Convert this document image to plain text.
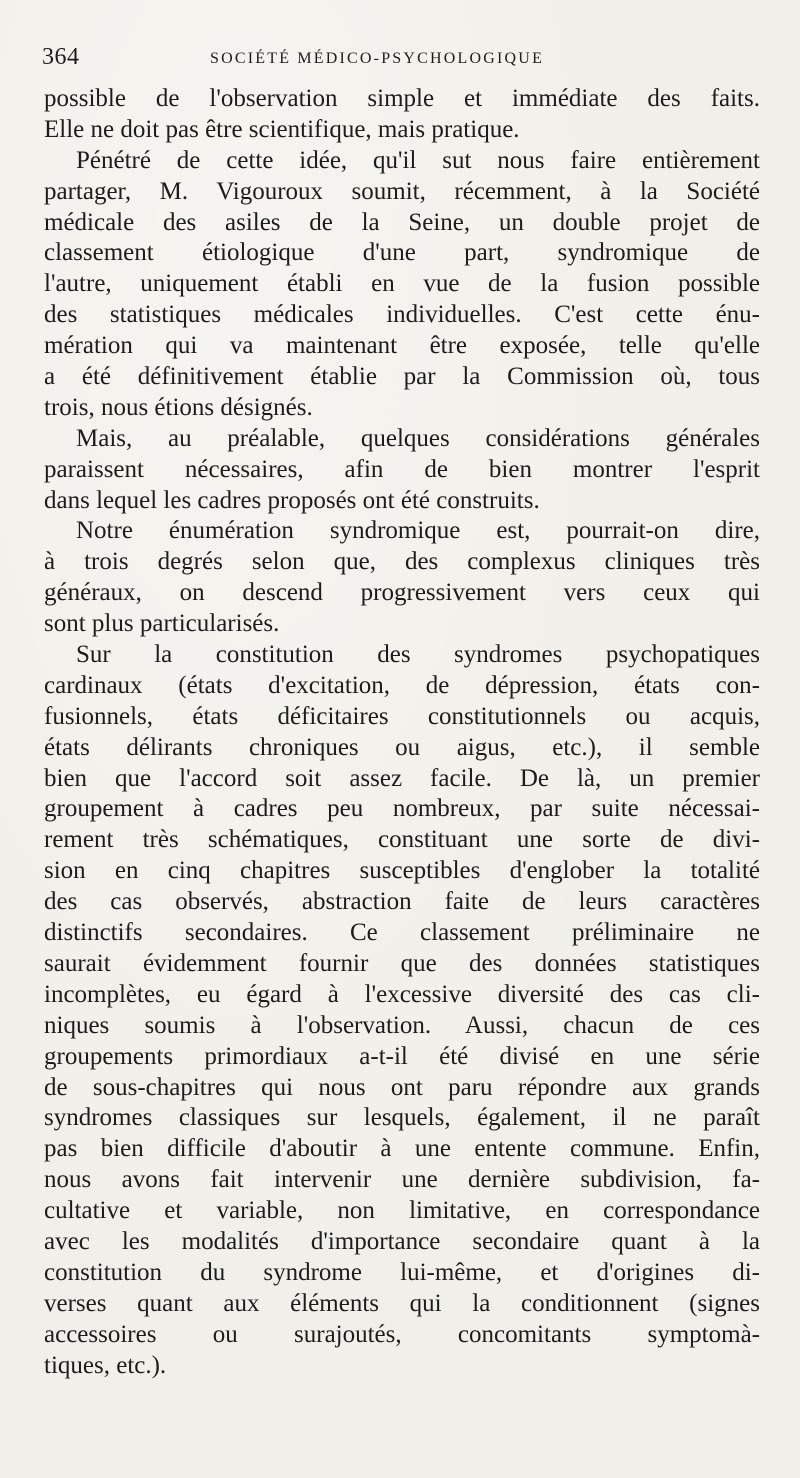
364	SOCIÉTÉ MÉDICO-PSYCHOLOGIQUE
possible de l'observation simple et immédiate des faits.
Elle ne doit pas être scientifique, mais pratique.
Pénétré de cette idée, qu'il sut nous faire entièrement
partager, M. Vigouroux soumit, récemment, à la Société
médicale des asiles de la Seine, un double projet de
classement étiologique d'une part, syndromique de
l'autre, uniquement établi en vue de la fusion possible
des statistiques médicales individuelles. C'est cette énu-
mération qui va maintenant être exposée, telle qu'elle
a été définitivement établie par la Commission où, tous
trois, nous étions désignés.
Mais, au préalable, quelques considérations générales
paraissent nécessaires, afin de bien montrer l'esprit
dans lequel les cadres proposés ont été construits.
Notre énumération syndromique est, pourrait-on dire,
à trois degrés selon que, des complexus cliniques très
généraux, on descend progressivement vers ceux qui
sont plus particularisés.
Sur la constitution des syndromes psychopatiques
cardinaux (états d'excitation, de dépression, états con-
fusionnels, états déficitaires constitutionnels ou acquis,
états délirants chroniques ou aigus, etc.), il semble
bien que l'accord soit assez facile. De là, un premier
groupement à cadres peu nombreux, par suite nécessai-
rement très schématiques, constituant une sorte de divi-
sion en cinq chapitres susceptibles d'englober la totalité
des cas observés, abstraction faite de leurs caractères
distinctifs secondaires. Ce classement préliminaire ne
saurait évidemment fournir que des données statistiques
incomplètes, eu égard à l'excessive diversité des cas cli-
niques soumis à l'observation. Aussi, chacun de ces
groupements primordiaux a-t-il été divisé en une série
de sous-chapitres qui nous ont paru répondre aux grands
syndromes classiques sur lesquels, également, il ne paraît
pas bien difficile d'aboutir à une entente commune. Enfin,
nous avons fait intervenir une dernière subdivision, fa-
cultative et variable, non limitative, en correspondance
avec les modalités d'importance secondaire quant à la
constitution du syndrome lui-même, et d'origines di-
verses quant aux éléments qui la conditionnent (signes
accessoires ou surajoutés, concomitants symptomà-
tiques, etc.).
